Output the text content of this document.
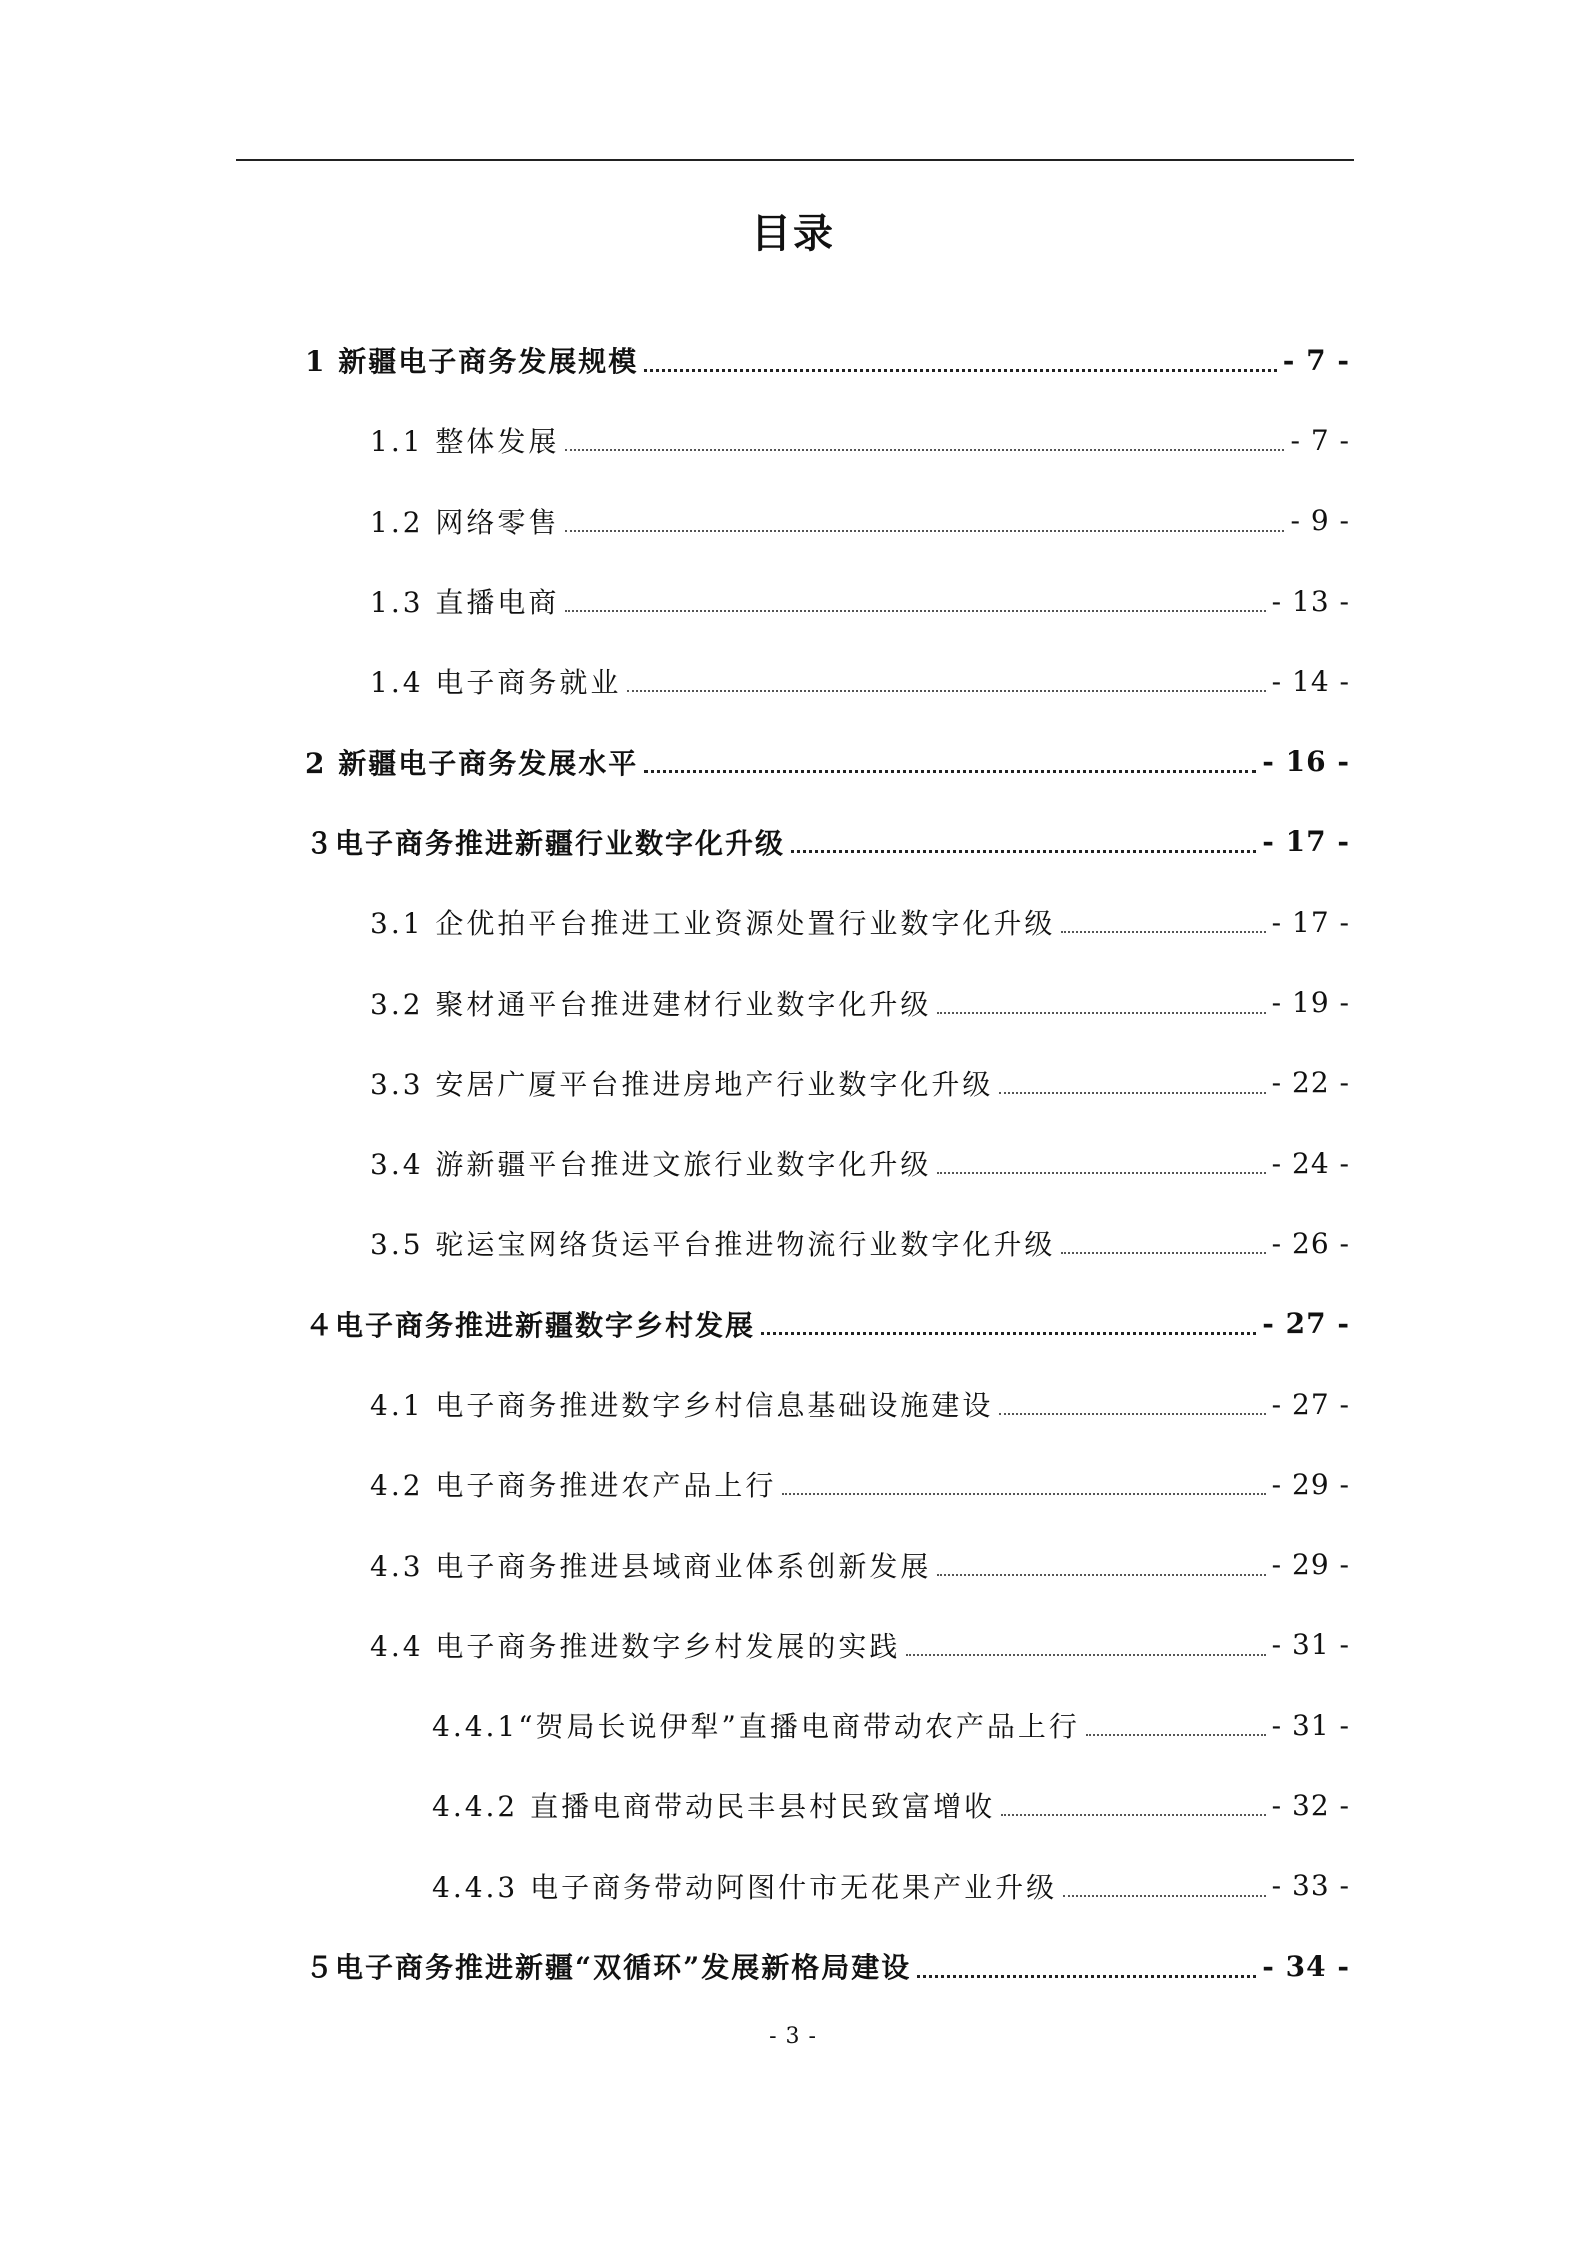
目录
1 新疆电子商务发展规模	- 7 -
1.1 整体发展	- 7 -
1.2 网络零售	- 9 -
1.3 直播电商	- 13 -
1.4 电子商务就业	- 14 -
2 新疆电子商务发展水平	- 16 -
３电子商务推进新疆行业数字化升级	- 17 -
3.1 企优拍平台推进工业资源处置行业数字化升级	- 17 -
3.2 聚材通平台推进建材行业数字化升级	- 19 -
3.3 安居广厦平台推进房地产行业数字化升级	- 22 -
3.4 游新疆平台推进文旅行业数字化升级	- 24 -
3.5 驼运宝网络货运平台推进物流行业数字化升级	- 26 -
４电子商务推进新疆数字乡村发展	- 27 -
4.1 电子商务推进数字乡村信息基础设施建设	- 27 -
4.2 电子商务推进农产品上行	- 29 -
4.3 电子商务推进县域商业体系创新发展	- 29 -
4.4 电子商务推进数字乡村发展的实践	- 31 -
4.4.1“贺局长说伊犁”直播电商带动农产品上行	- 31 -
4.4.2 直播电商带动民丰县村民致富增收	- 32 -
4.4.3 电子商务带动阿图什市无花果产业升级	- 33 -
５电子商务推进新疆“双循环”发展新格局建设	- 34 -
- 3 -
